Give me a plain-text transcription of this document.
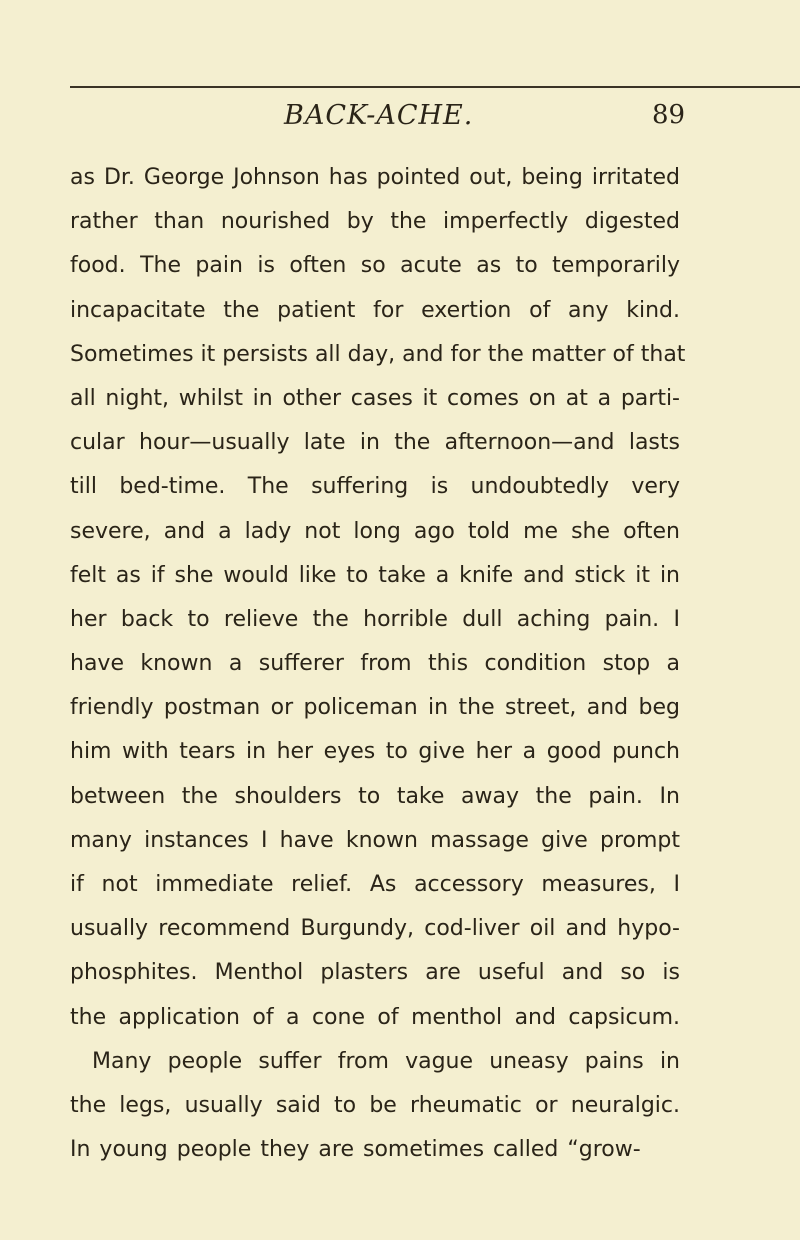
BACK-ACHE.	89
as Dr. George Johnson has pointed out, being irritated
rather than nourished by the imperfectly digested
food. The pain is often so acute as to temporarily
incapacitate the patient for exertion of any kind.
Sometimes it persists all day, and for the matter of that
all night, whilst in other cases it comes on at a parti-
cular hour—usually late in the afternoon—and lasts
till bed-time. The suffering is undoubtedly very
severe, and a lady not long ago told me she often
felt as if she would like to take a knife and stick it in
her back to relieve the horrible dull aching pain. I
have known a sufferer from this condition stop a
friendly postman or policeman in the street, and beg
him with tears in her eyes to give her a good punch
between the shoulders to take away the pain. In
many instances I have known massage give prompt
if not immediate relief. As accessory measures, I
usually recommend Burgundy, cod-liver oil and hypo-
phosphites. Menthol plasters are useful and so is
the application of a cone of menthol and capsicum.
Many people suffer from vague uneasy pains in
the legs, usually said to be rheumatic or neuralgic.
In young people they are sometimes called “grow-
